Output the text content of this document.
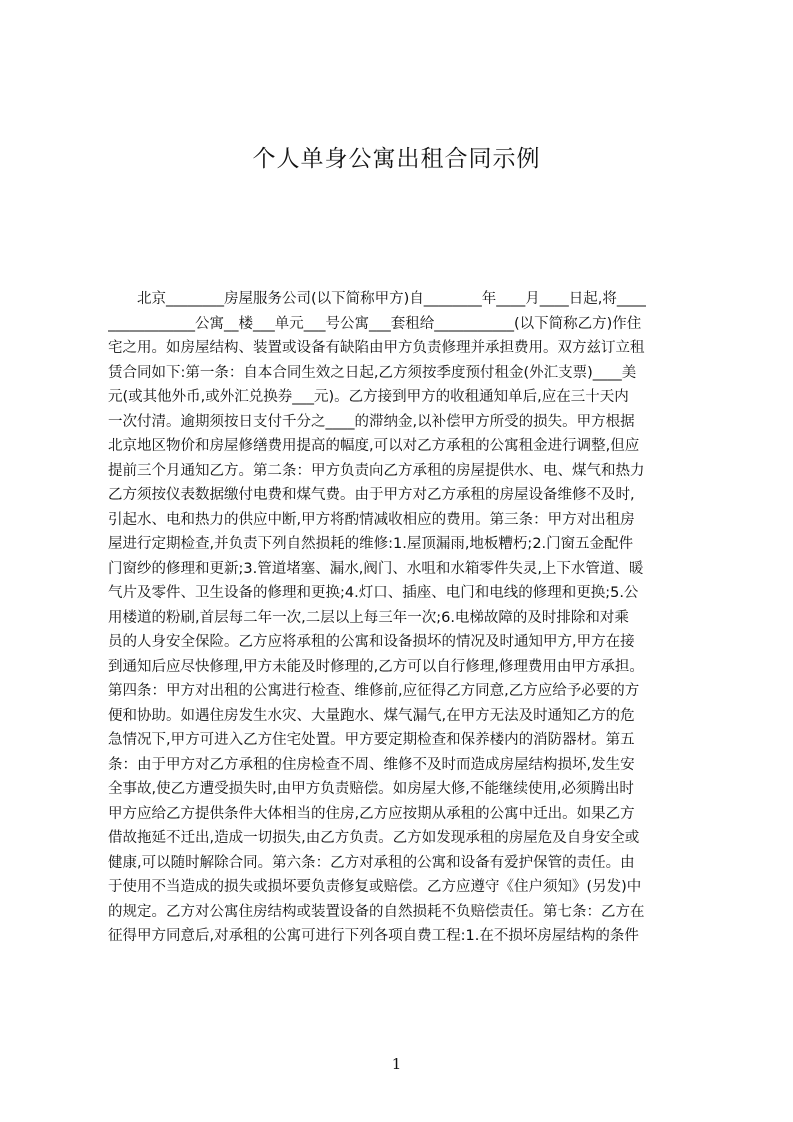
个人单身公寓出租合同示例
　　北京________房屋服务公司(以下简称甲方)自________年____月____日起,将____
____________公寓__楼___单元___号公寓___套租给___________(以下简称乙方)作住
宅之用。如房屋结构、装置或设备有缺陷由甲方负责修理并承担费用。双方兹订立租
赁合同如下:第一条：自本合同生效之日起,乙方须按季度预付租金(外汇支票)____美
元(或其他外币,或外汇兑换券___元)。乙方接到甲方的收租通知单后,应在三十天内
一次付清。逾期须按日支付千分之____的滞纳金,以补偿甲方所受的损失。甲方根据
北京地区物价和房屋修缮费用提高的幅度,可以对乙方承租的公寓租金进行调整,但应
提前三个月通知乙方。第二条：甲方负责向乙方承租的房屋提供水、电、煤气和热力
乙方须按仪表数据缴付电费和煤气费。由于甲方对乙方承租的房屋设备维修不及时,
引起水、电和热力的供应中断,甲方将酌情减收相应的费用。第三条：甲方对出租房
屋进行定期检查,并负责下列自然损耗的维修:1.屋顶漏雨,地板糟朽;2.门窗五金配件
门窗纱的修理和更新;3.管道堵塞、漏水,阀门、水咀和水箱零件失灵,上下水管道、暖
气片及零件、卫生设备的修理和更换;4.灯口、插座、电门和电线的修理和更换;5.公
用楼道的粉刷,首层每二年一次,二层以上每三年一次;6.电梯故障的及时排除和对乘
员的人身安全保险。乙方应将承租的公寓和设备损坏的情况及时通知甲方,甲方在接
到通知后应尽快修理,甲方未能及时修理的,乙方可以自行修理,修理费用由甲方承担。
第四条：甲方对出租的公寓进行检查、维修前,应征得乙方同意,乙方应给予必要的方
便和协助。如遇住房发生水灾、大量跑水、煤气漏气,在甲方无法及时通知乙方的危
急情况下,甲方可进入乙方住宅处置。甲方要定期检查和保养楼内的消防器材。第五
条：由于甲方对乙方承租的住房检查不周、维修不及时而造成房屋结构损坏,发生安
全事故,使乙方遭受损失时,由甲方负责赔偿。如房屋大修,不能继续使用,必须腾出时
甲方应给乙方提供条件大体相当的住房,乙方应按期从承租的公寓中迁出。如果乙方
借故拖延不迁出,造成一切损失,由乙方负责。乙方如发现承租的房屋危及自身安全或
健康,可以随时解除合同。第六条：乙方对承租的公寓和设备有爱护保管的责任。由
于使用不当造成的损失或损坏要负责修复或赔偿。乙方应遵守《住户须知》(另发)中
的规定。乙方对公寓住房结构或装置设备的自然损耗不负赔偿责任。第七条：乙方在
征得甲方同意后,对承租的公寓可进行下列各项自费工程:1.在不损坏房屋结构的条件
1
